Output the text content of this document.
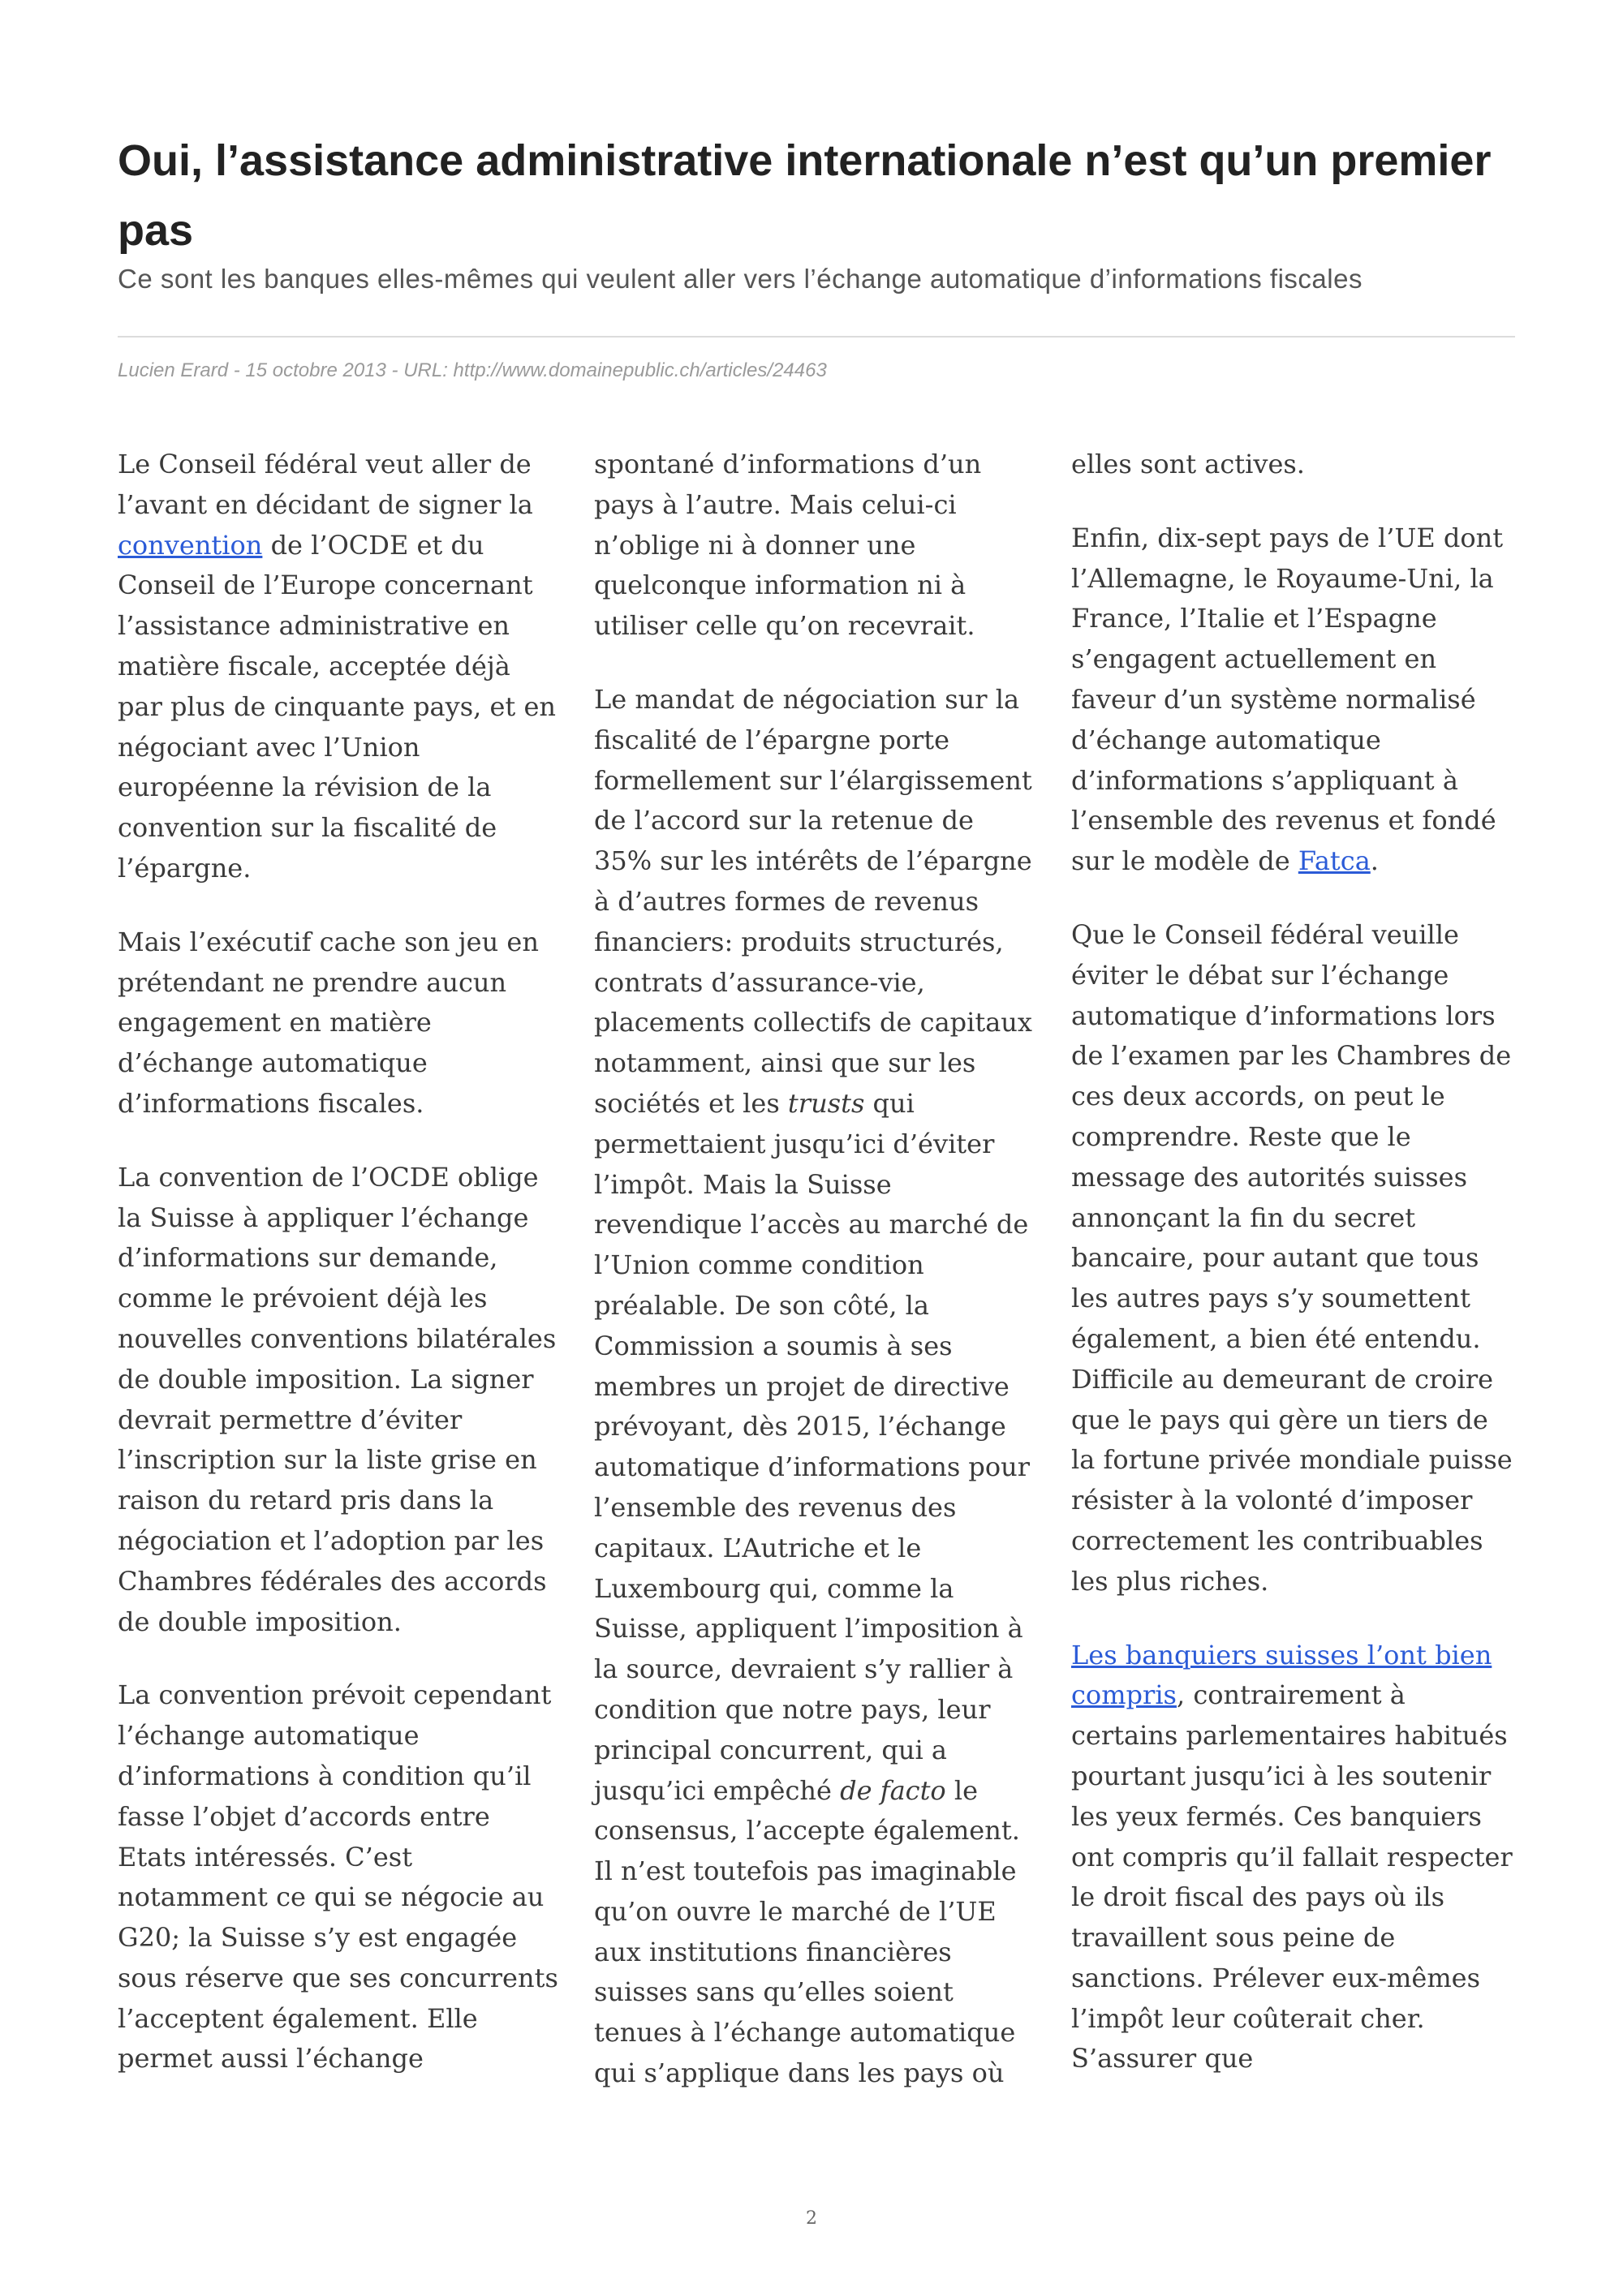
Oui, l’assistance administrative internationale n’est qu’un premier pas

Ce sont les banques elles-mêmes qui veulent aller vers l’échange automatique d’informations fiscales

Lucien Erard - 15 octobre 2013 - URL: http://www.domainepublic.ch/articles/24463

Le Conseil fédéral veut aller de l’avant en décidant de signer la convention de l’OCDE et du Conseil de l’Europe concernant l’assistance administrative en matière fiscale, acceptée déjà par plus de cinquante pays, et en négociant avec l’Union européenne la révision de la convention sur la fiscalité de l’épargne.

Mais l’exécutif cache son jeu en prétendant ne prendre aucun engagement en matière d’échange automatique d’informations fiscales.

La convention de l’OCDE oblige la Suisse à appliquer l’échange d’informations sur demande, comme le prévoient déjà les nouvelles conventions bilatérales de double imposition. La signer devrait permettre d’éviter l’inscription sur la liste grise en raison du retard pris dans la négociation et l’adoption par les Chambres fédérales des accords de double imposition.

La convention prévoit cependant l’échange automatique d’informations à condition qu’il fasse l’objet d’accords entre Etats intéressés. C’est notamment ce qui se négocie au G20; la Suisse s’y est engagée sous réserve que ses concurrents l’acceptent également. Elle permet aussi l’échange

spontané d’informations d’un pays à l’autre. Mais celui-ci n’oblige ni à donner une quelconque information ni à utiliser celle qu’on recevrait.

Le mandat de négociation sur la fiscalité de l’épargne porte formellement sur l’élargissement de l’accord sur la retenue de 35% sur les intérêts de l’épargne à d’autres formes de revenus financiers: produits structurés, contrats d’assurance-vie, placements collectifs de capitaux notamment, ainsi que sur les sociétés et les trusts qui permettaient jusqu’ici d’éviter l’impôt. Mais la Suisse revendique l’accès au marché de l’Union comme condition préalable. De son côté, la Commission a soumis à ses membres un projet de directive prévoyant, dès 2015, l’échange automatique d’informations pour l’ensemble des revenus des capitaux. L’Autriche et le Luxembourg qui, comme la Suisse, appliquent l’imposition à la source, devraient s’y rallier à condition que notre pays, leur principal concurrent, qui a jusqu’ici empêché de facto le consensus, l’accepte également. Il n’est toutefois pas imaginable qu’on ouvre le marché de l’UE aux institutions financières suisses sans qu’elles soient tenues à l’échange automatique qui s’applique dans les pays où

elles sont actives.

Enfin, dix-sept pays de l’UE dont l’Allemagne, le Royaume-Uni, la France, l’Italie et l’Espagne s’engagent actuellement en faveur d’un système normalisé d’échange automatique d’informations s’appliquant à l’ensemble des revenus et fondé sur le modèle de Fatca.

Que le Conseil fédéral veuille éviter le débat sur l’échange automatique d’informations lors de l’examen par les Chambres de ces deux accords, on peut le comprendre. Reste que le message des autorités suisses annonçant la fin du secret bancaire, pour autant que tous les autres pays s’y soumettent également, a bien été entendu. Difficile au demeurant de croire que le pays qui gère un tiers de la fortune privée mondiale puisse résister à la volonté d’imposer correctement les contribuables les plus riches.

Les banquiers suisses l’ont bien compris, contrairement à certains parlementaires habitués pourtant jusqu’ici à les soutenir les yeux fermés. Ces banquiers ont compris qu’il fallait respecter le droit fiscal des pays où ils travaillent sous peine de sanctions. Prélever eux-mêmes l’impôt leur coûterait cher. S’assurer que

2
